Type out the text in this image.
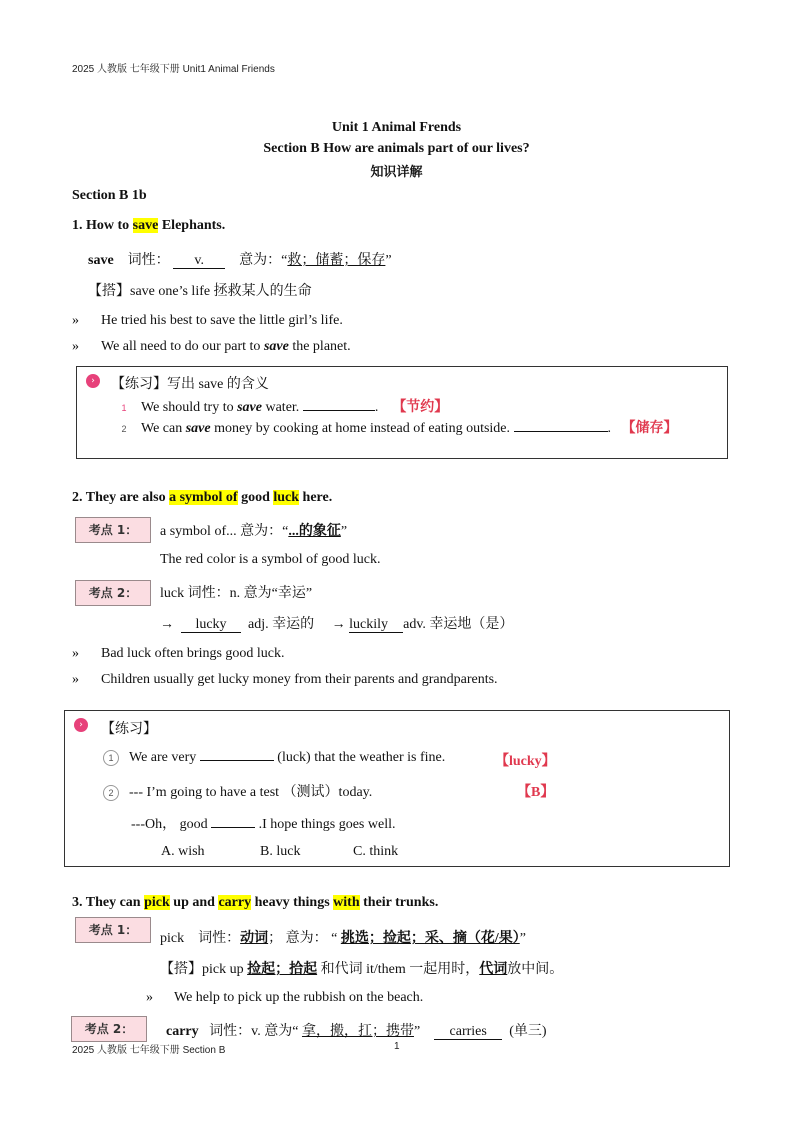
2025 人教版 七年级下册 Unit1 Animal Friends
Unit 1 Animal Frends
Section B How are animals part of our lives?
知识详解
Section B 1b
1. How to save Elephants.
save 词性： v.	意为：“救；储蓄；保存”
【搭】save one’s life 拯救某人的生命
» He tried his best to save the little girl’s life.
» We all need to do our part to save the planet.
›	【练习】写出 save 的含义
1 We should try to save water.	. 【节约】
2 We can save money by cooking at home instead of eating outside.	. 【储存】
2. They are also a symbol of good luck here.
考点 1：	a symbol of... 意为：“...的象征”
The red color is a symbol of good luck.
考点 2：	luck 词性：n. 意为“幸运”
→ lucky adj. 幸运的 → luckily adv. 幸运地（是）
» Bad luck often brings good luck.
» Children usually get lucky money from their parents and grandparents.
›	【练习】
1 We are very	(luck) that the weather is fine.	【lucky】
2 --- I’m going to have a test （测试）today.	【B】
---Oh， good	.I hope things goes well.
A. wish	B. luck	C. think
3. They can pick up and carry heavy things with their trunks.
考点 1：
pick 词性：动词； 意为： “ 挑选；捡起；采、摘（花/果）”
【搭】pick up 捡起；拾起 和代词 it/them 一起用时，代词放中间。
» We help to pick up the rubbish on the beach.
考点 2：	carry 词性：v. 意为“ 拿，搬，扛；携带” carries (单三)
2025 人教版 七年级下册 Section B	1
